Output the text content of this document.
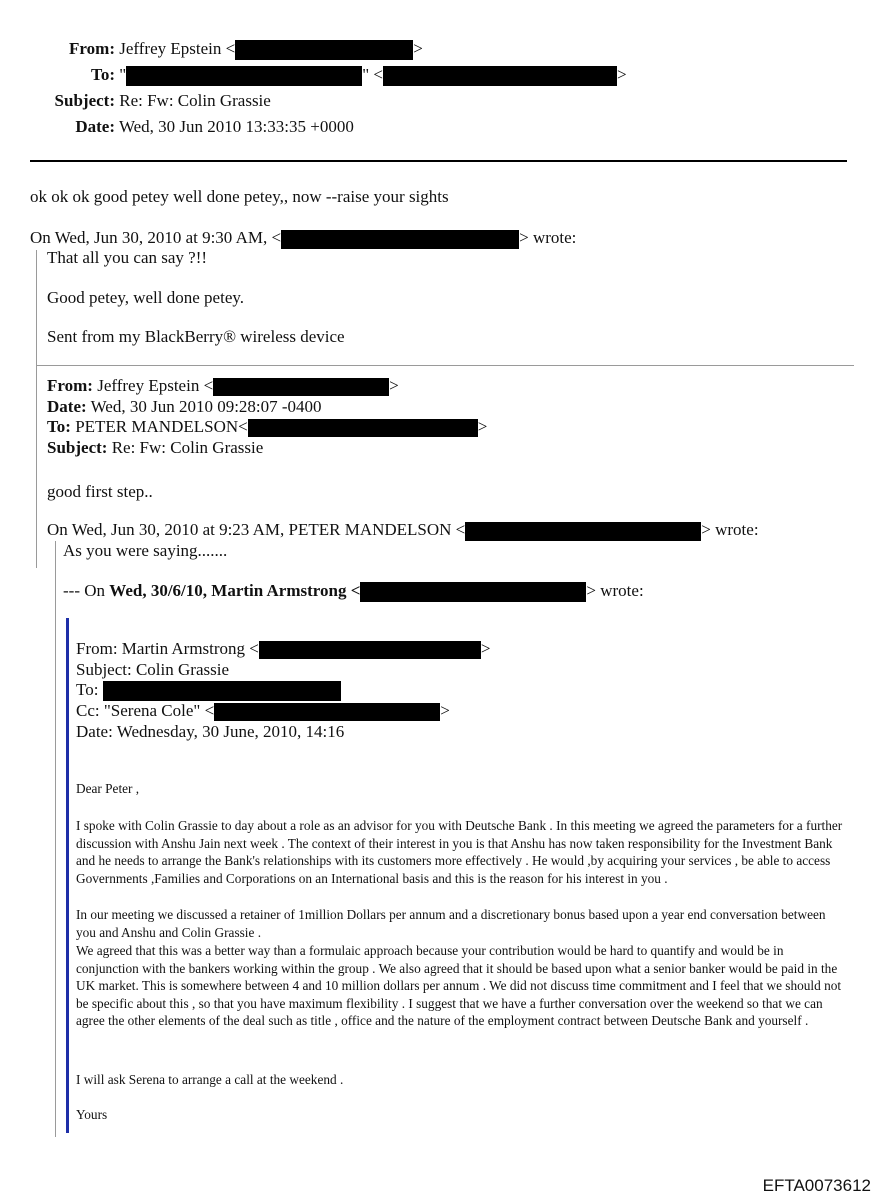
From: Jeffrey Epstein <	>
To: "	" <	>
Subject: Re: Fw: Colin Grassie
Date: Wed, 30 Jun 2010 13:33:35 +0000
ok ok ok good petey well done petey,, now --raise your sights
On Wed, Jun 30, 2010 at 9:30 AM, <	> wrote:
That all you can say ?!!
Good petey, well done petey.
Sent from my BlackBerry® wireless device
From: Jeffrey Epstein <	>
Date: Wed, 30 Jun 2010 09:28:07 -0400
To: PETER MANDELSON<	>
Subject: Re: Fw: Colin Grassie
good first step..
On Wed, Jun 30, 2010 at 9:23 AM, PETER MANDELSON <	> wrote:
As you were saying.......
--- On Wed, 30/6/10, Martin Armstrong <	> wrote:
From: Martin Armstrong <	>
Subject: Colin Grassie
To:
Cc: "Serena Cole" <	>
Date: Wednesday, 30 June, 2010, 14:16
Dear Peter ,
I spoke with Colin Grassie to day about a role as an advisor for you with Deutsche Bank . In this meeting we agreed the parameters for a further discussion with Anshu Jain next week . The context of their interest in you is that Anshu has now taken responsibility for the Investment Bank and he needs to arrange the Bank's relationships with its customers more effectively . He would ,by acquiring your services , be able to access Governments ,Families and Corporations on an International basis and this is the reason for his interest in you .
In our meeting we discussed a retainer of 1million Dollars per annum and a discretionary bonus based upon a year end conversation between you and Anshu and Colin Grassie .
We agreed that this was a better way than a formulaic approach because your contribution would be hard to quantify and would be in conjunction with the bankers working within the group . We also agreed that it should be based upon what a senior banker would be paid in the UK market. This is somewhere between 4 and 10 million dollars per annum . We did not discuss time commitment and I feel that we should not be specific about this , so that you have maximum flexibility . I suggest that we have a further conversation over the weekend so that we can agree the other elements of the deal such as title , office and the nature of the employment contract between Deutsche Bank and yourself .
I will ask Serena to arrange a call at the weekend .
Yours
EFTA0073612
